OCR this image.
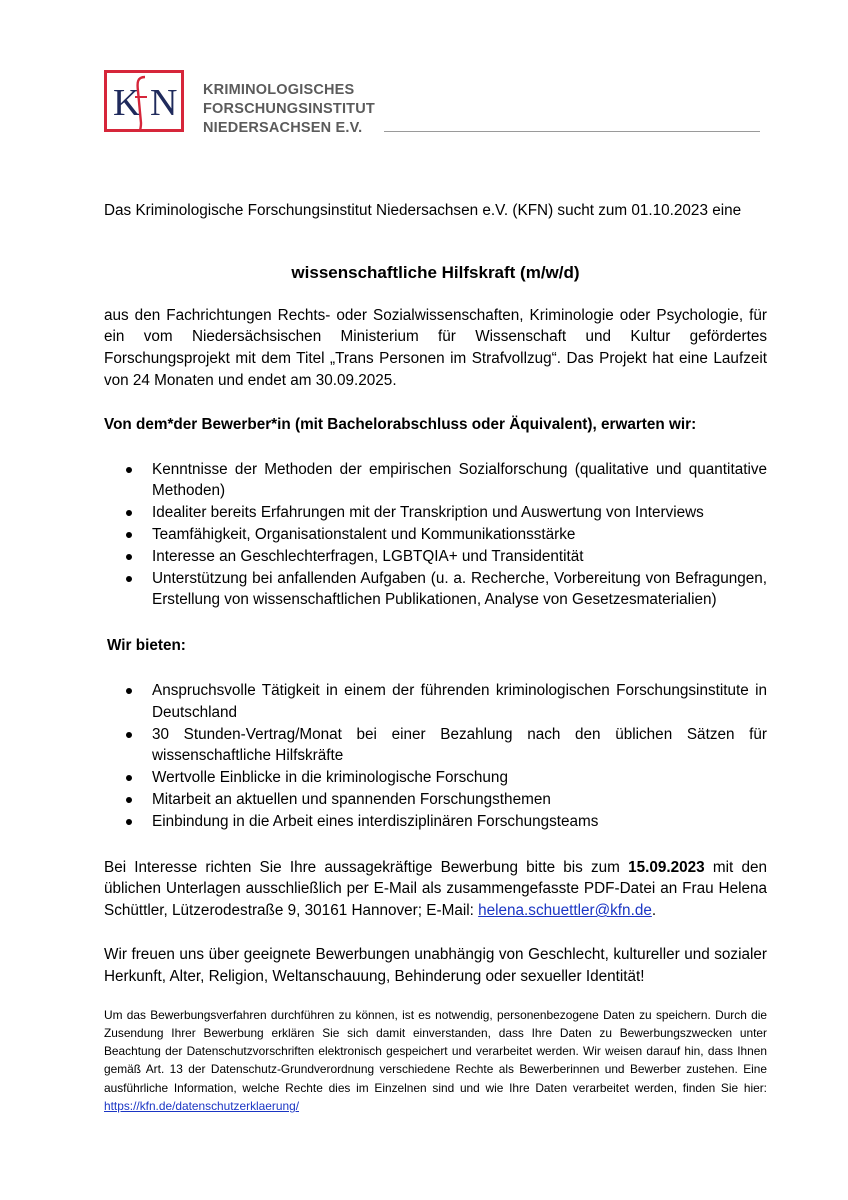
K N KRIMINOLOGISCHES
FORSCHUNGSINSTITUT
NIEDERSACHSEN E.V.

Das Kriminologische Forschungsinstitut Niedersachsen e.V. (KFN) sucht zum 01.10.2023 eine

wissenschaftliche Hilfskraft (m/w/d)

aus den Fachrichtungen Rechts- oder Sozialwissenschaften, Kriminologie oder Psychologie, für ein vom Niedersächsischen Ministerium für Wissenschaft und Kultur gefördertes Forschungsprojekt mit dem Titel „Trans Personen im Strafvollzug“. Das Projekt hat eine Laufzeit von 24 Monaten und endet am 30.09.2025.

Von dem*der Bewerber*in (mit Bachelorabschluss oder Äquivalent), erwarten wir:

Kenntnisse der Methoden der empirischen Sozialforschung (qualitative und quantitative Methoden)
Idealiter bereits Erfahrungen mit der Transkription und Auswertung von Interviews
Teamfähigkeit, Organisationstalent und Kommunikationsstärke
Interesse an Geschlechterfragen, LGBTQIA+ und Transidentität
Unterstützung bei anfallenden Aufgaben (u. a. Recherche, Vorbereitung von Befragungen, Erstellung von wissenschaftlichen Publikationen, Analyse von Gesetzesmaterialien)

Wir bieten:

Anspruchsvolle Tätigkeit in einem der führenden kriminologischen Forschungsinstitute in Deutschland
30 Stunden-Vertrag/Monat bei einer Bezahlung nach den üblichen Sätzen für wissenschaftliche Hilfskräfte
Wertvolle Einblicke in die kriminologische Forschung
Mitarbeit an aktuellen und spannenden Forschungsthemen
Einbindung in die Arbeit eines interdisziplinären Forschungsteams

Bei Interesse richten Sie Ihre aussagekräftige Bewerbung bitte bis zum 15.09.2023 mit den üblichen Unterlagen ausschließlich per E-Mail als zusammengefasste PDF-Datei an Frau Helena Schüttler, Lützerodestraße 9, 30161 Hannover; E-Mail: helena.schuettler@kfn.de.

Wir freuen uns über geeignete Bewerbungen unabhängig von Geschlecht, kultureller und sozialer Herkunft, Alter, Religion, Weltanschauung, Behinderung oder sexueller Identität!

Um das Bewerbungsverfahren durchführen zu können, ist es notwendig, personenbezogene Daten zu speichern. Durch die Zusendung Ihrer Bewerbung erklären Sie sich damit einverstanden, dass Ihre Daten zu Bewerbungszwecken unter Beachtung der Datenschutzvorschriften elektronisch gespeichert und verarbeitet werden. Wir weisen darauf hin, dass Ihnen gemäß Art. 13 der Datenschutz-Grundverordnung verschiedene Rechte als Bewerberinnen und Bewerber zustehen. Eine ausführliche Information, welche Rechte dies im Einzelnen sind und wie Ihre Daten verarbeitet werden, finden Sie hier: https://kfn.de/datenschutzerklaerung/
